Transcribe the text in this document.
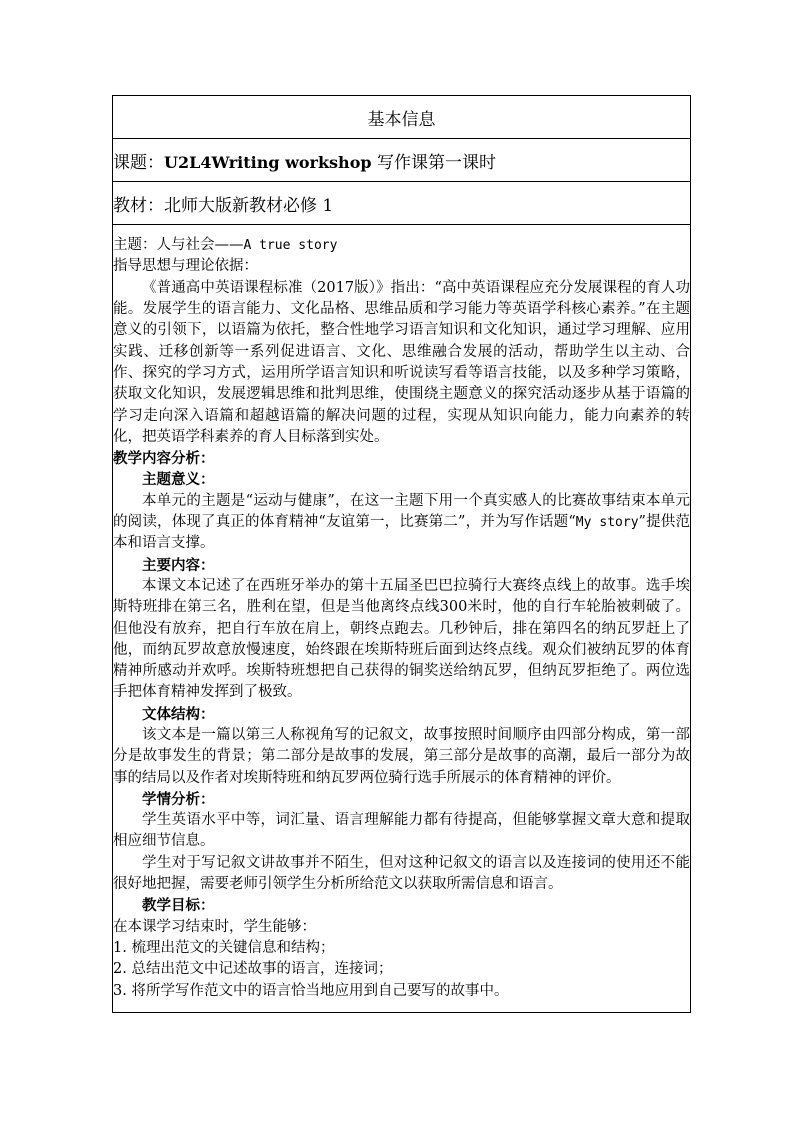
基本信息
课题：U2L4Writing workshop 写作课第一课时
教材：北师大版新教材必修 1

主题：人与社会——A true story
指导思想与理论依据：

《普通高中英语课程标准（2017版）》指出：“高中英语课程应充分发展课程的育人功能。发展学生的语言能力、文化品格、思维品质和学习能力等英语学科核心素养。”在主题意义的引领下，以语篇为依托，整合性地学习语言知识和文化知识，通过学习理解、应用实践、迁移创新等一系列促进语言、文化、思维融合发展的活动，帮助学生以主动、合作、探究的学习方式，运用所学语言知识和听说读写看等语言技能，以及多种学习策略，获取文化知识，发展逻辑思维和批判思维，使围绕主题意义的探究活动逐步从基于语篇的学习走向深入语篇和超越语篇的解决问题的过程，实现从知识向能力，能力向素养的转化，把英语学科素养的育人目标落到实处。

教学内容分析：
主题意义：

本单元的主题是“运动与健康”，在这一主题下用一个真实感人的比赛故事结束本单元的阅读，体现了真正的体育精神“友谊第一，比赛第二”，并为写作话题“My story”提供范本和语言支撑。

主要内容：

本课文本记述了在西班牙举办的第十五届圣巴巴拉骑行大赛终点线上的故事。选手埃斯特班排在第三名，胜利在望，但是当他离终点线300米时，他的自行车轮胎被刺破了。但他没有放弃，把自行车放在肩上，朝终点跑去。几秒钟后，排在第四名的纳瓦罗赶上了他，而纳瓦罗故意放慢速度，始终跟在埃斯特班后面到达终点线。观众们被纳瓦罗的体育精神所感动并欢呼。埃斯特班想把自己获得的铜奖送给纳瓦罗，但纳瓦罗拒绝了。两位选手把体育精神发挥到了极致。

文体结构：

该文本是一篇以第三人称视角写的记叙文，故事按照时间顺序由四部分构成，第一部分是故事发生的背景；第二部分是故事的发展，第三部分是故事的高潮，最后一部分为故事的结局以及作者对埃斯特班和纳瓦罗两位骑行选手所展示的体育精神的评价。

学情分析：

学生英语水平中等，词汇量、语言理解能力都有待提高，但能够掌握文章大意和提取相应细节信息。

学生对于写记叙文讲故事并不陌生，但对这种记叙文的语言以及连接词的使用还不能很好地把握，需要老师引领学生分析所给范文以获取所需信息和语言。

教学目标：
在本课学习结束时，学生能够：
1. 梳理出范文的关键信息和结构；
2. 总结出范文中记述故事的语言，连接词；
3. 将所学写作范文中的语言恰当地应用到自己要写的故事中。
